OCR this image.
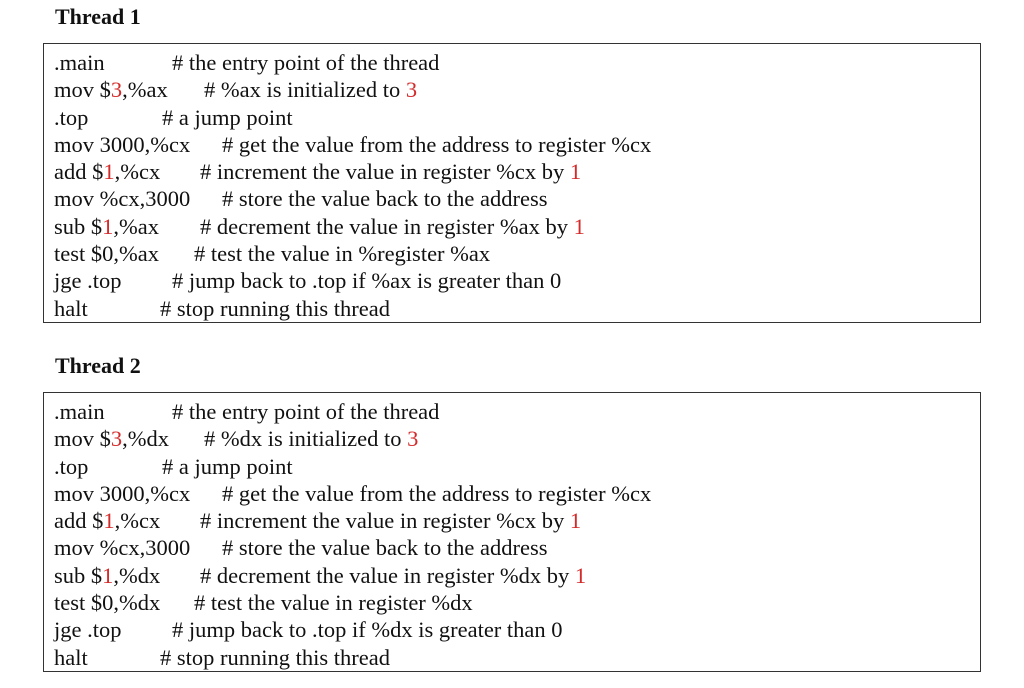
Thread 1
.main	# the entry point of the thread
mov $3,%ax # %ax is initialized to 3
.top	# a jump point
mov 3000,%cx # get the value from the address to register %cx
add $1,%cx # increment the value in register %cx by 1
mov %cx,3000 # store the value back to the address
sub $1,%ax # decrement the value in register %ax by 1
test $0,%ax # test the value in %register %ax
jge .top # jump back to .top if %ax is greater than 0
halt	# stop running this thread
Thread 2
.main	# the entry point of the thread
mov $3,%dx # %dx is initialized to 3
.top	# a jump point
mov 3000,%cx # get the value from the address to register %cx
add $1,%cx # increment the value in register %cx by 1
mov %cx,3000 # store the value back to the address
sub $1,%dx # decrement the value in register %dx by 1
test $0,%dx # test the value in register %dx
jge .top # jump back to .top if %dx is greater than 0
halt	# stop running this thread
